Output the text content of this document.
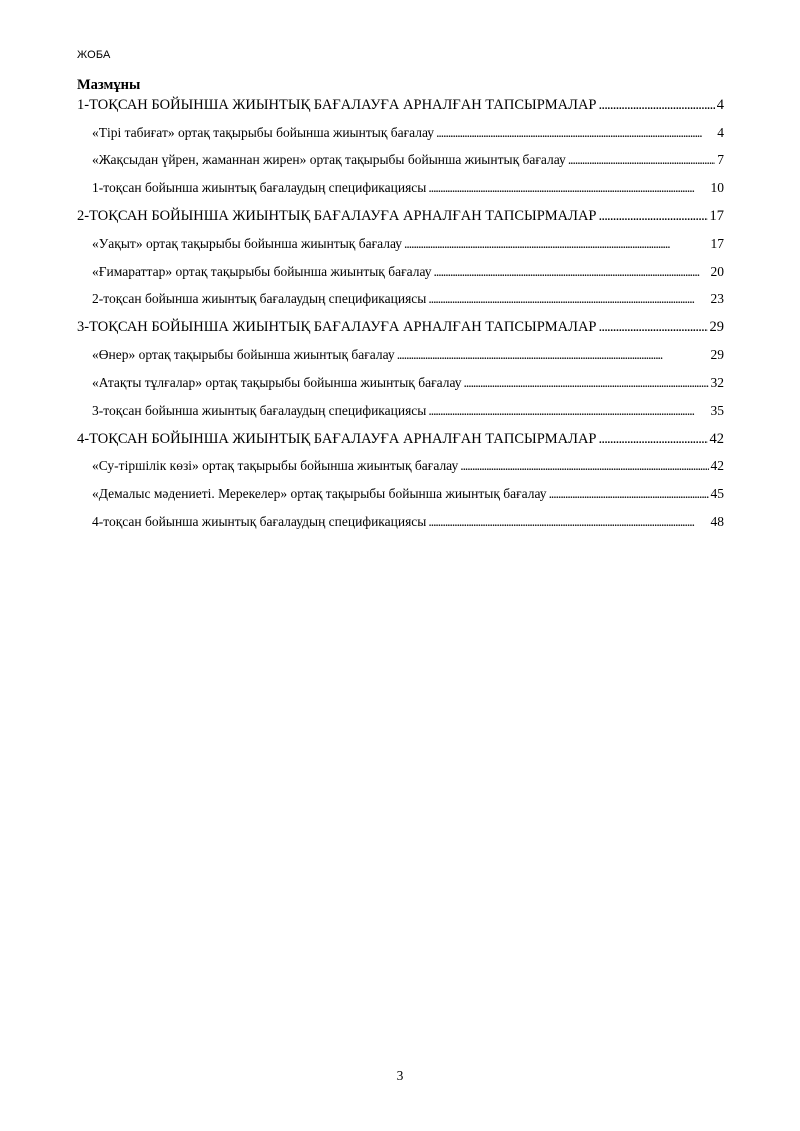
ЖОБА
Мазмұны
1-ТОҚСАН БОЙЫНША ЖИЫНТЫҚ БАҒАЛАУҒА АРНАЛҒАН ТАПСЫРМАЛАР . . .	4
«Тірі табиғат» ортақ тақырыбы бойынша жиынтық бағалау . . .	4
«Жақсыдан үйрен, жаманнан жирен» ортақ тақырыбы бойынша жиынтық бағалау . . .	7
1-тоқсан бойынша жиынтық бағалаудың спецификациясы . . .	10
2-ТОҚСАН БОЙЫНША ЖИЫНТЫҚ БАҒАЛАУҒА АРНАЛҒАН ТАПСЫРМАЛАР . . .	17
«Уақыт» ортақ тақырыбы бойынша жиынтық бағалау . . .	17
«Ғимараттар» ортақ тақырыбы бойынша жиынтық бағалау . . .	20
2-тоқсан бойынша жиынтық бағалаудың спецификациясы . . .	23
3-ТОҚСАН БОЙЫНША ЖИЫНТЫҚ БАҒАЛАУҒА АРНАЛҒАН ТАПСЫРМАЛАР . . .	29
«Өнер» ортақ тақырыбы бойынша жиынтық бағалау . . .	29
«Атақты тұлғалар» ортақ тақырыбы бойынша жиынтық бағалау . . .	32
3-тоқсан бойынша жиынтық бағалаудың спецификациясы . . .	35
4-ТОҚСАН БОЙЫНША ЖИЫНТЫҚ БАҒАЛАУҒА АРНАЛҒАН ТАПСЫРМАЛАР . . .	42
«Су-тіршілік көзі» ортақ тақырыбы бойынша жиынтық бағалау . . .	42
«Демалыс мәдениеті. Мерекелер» ортақ тақырыбы бойынша жиынтық бағалау . . .	45
4-тоқсан бойынша жиынтық бағалаудың спецификациясы . . .	48
3
